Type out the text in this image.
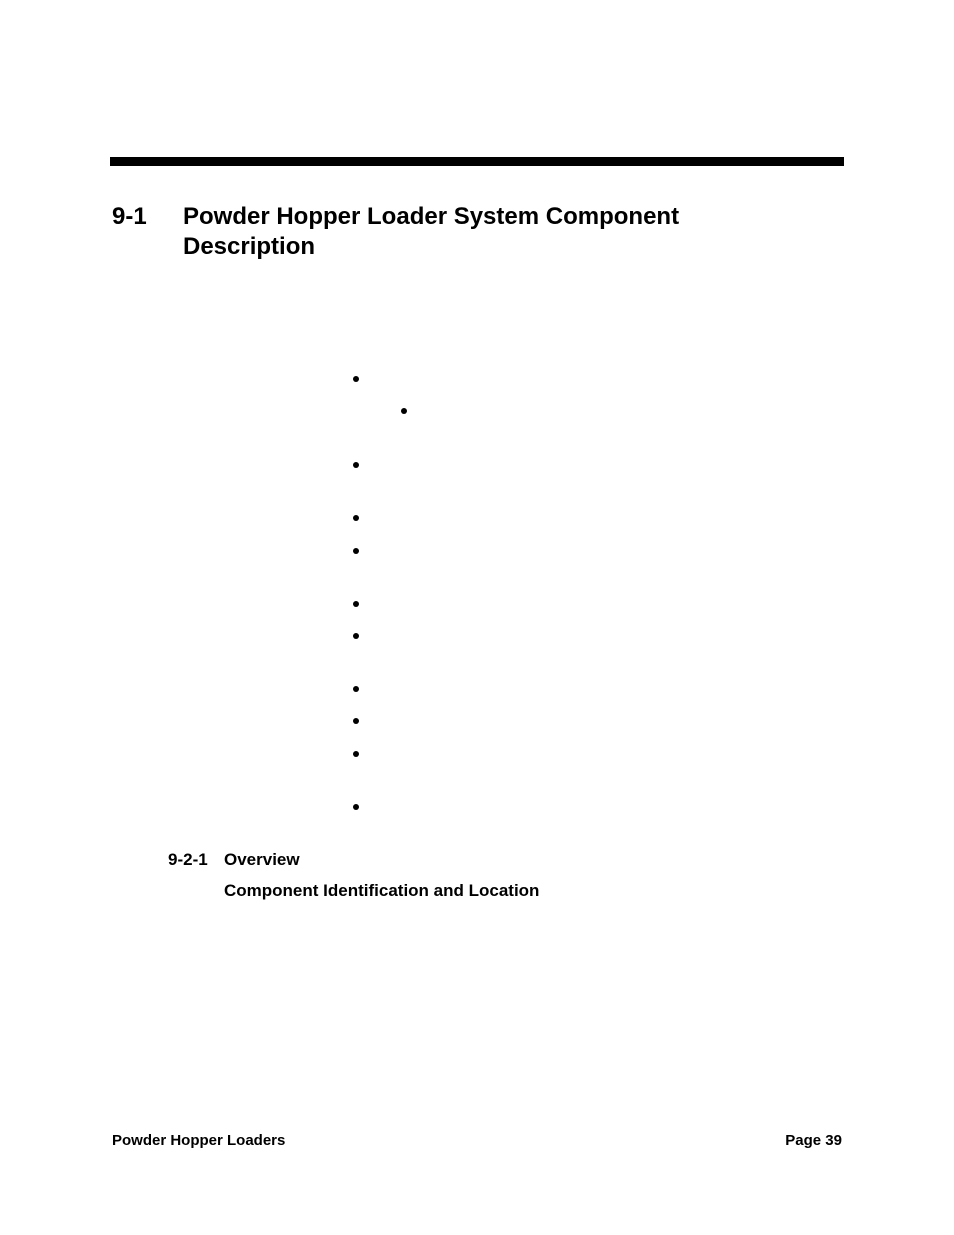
9-1 Powder Hopper Loader System Component Description
9-2-1 Overview
Component Identification and Location
Powder Hopper Loaders	Page 39
